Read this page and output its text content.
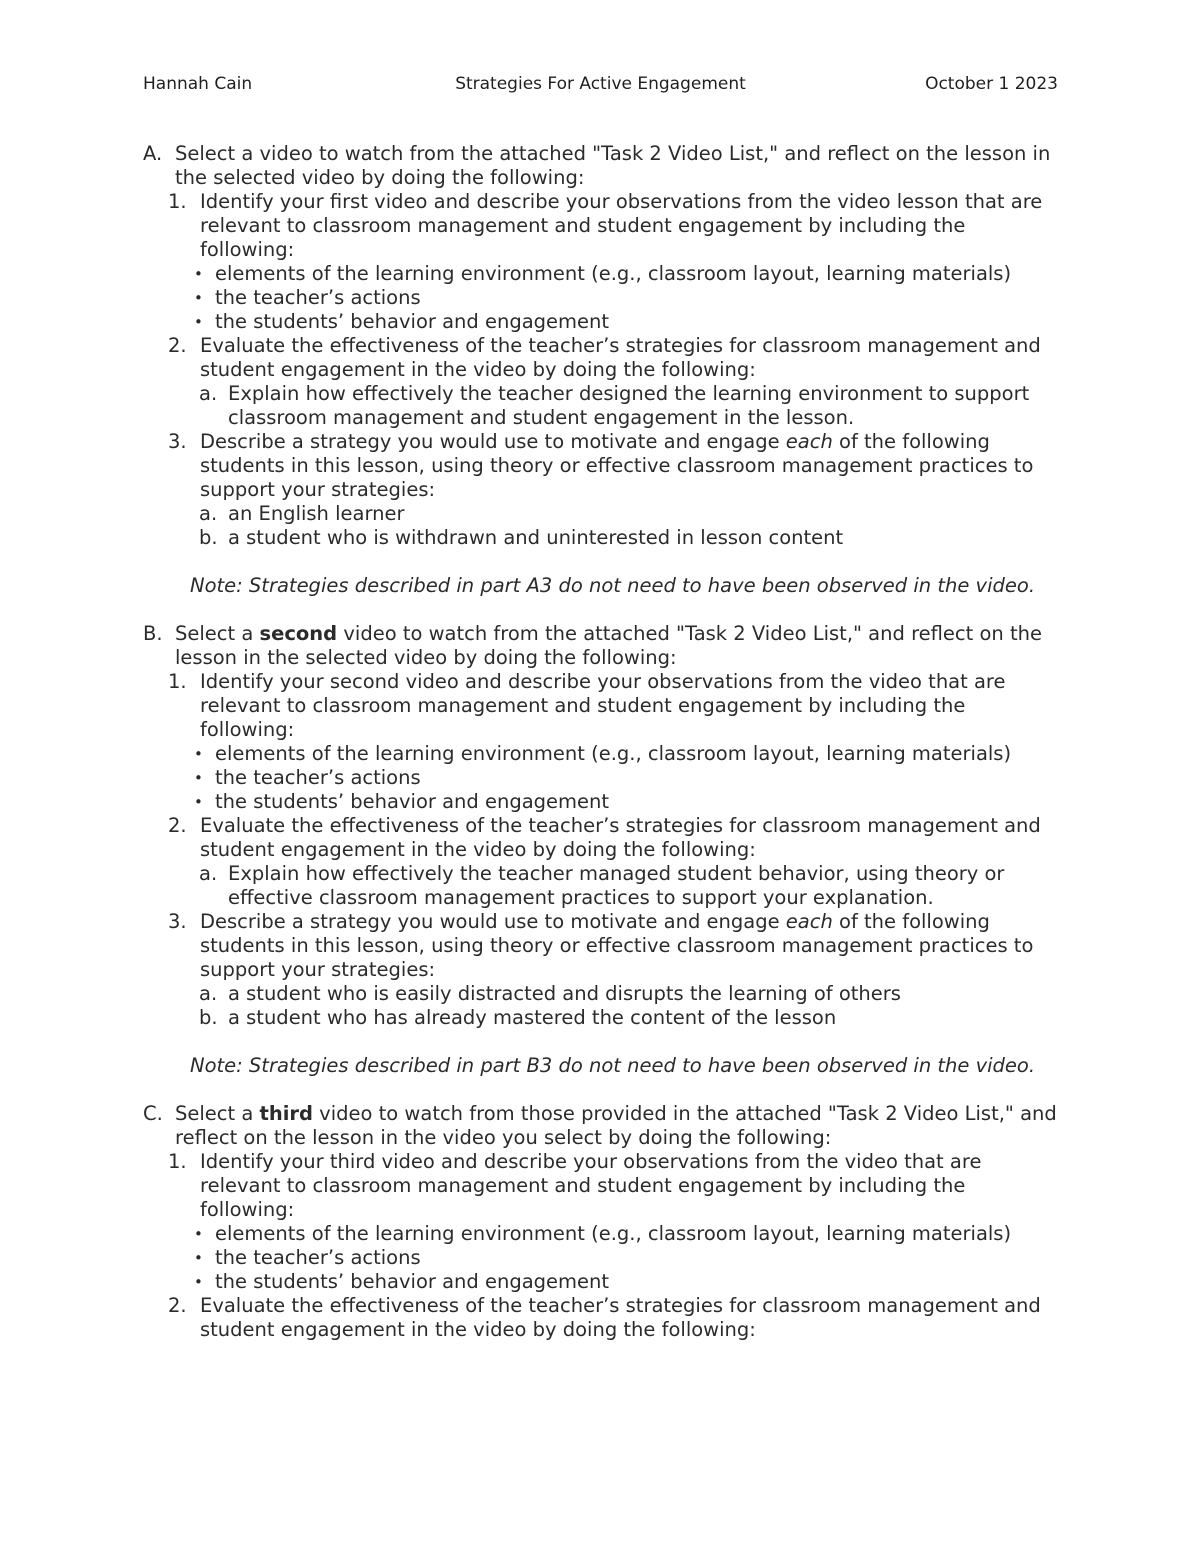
Hannah Cain	Strategies For Active Engagement	October 1 2023
A. Select a video to watch from the attached "Task 2 Video List," and reflect on the lesson in the selected video by doing the following:
1. Identify your first video and describe your observations from the video lesson that are relevant to classroom management and student engagement by including the following:
• elements of the learning environment (e.g., classroom layout, learning materials)
• the teacher’s actions
• the students’ behavior and engagement
2. Evaluate the effectiveness of the teacher’s strategies for classroom management and student engagement in the video by doing the following:
a. Explain how effectively the teacher designed the learning environment to support classroom management and student engagement in the lesson.
3. Describe a strategy you would use to motivate and engage each of the following students in this lesson, using theory or effective classroom management practices to support your strategies:
a. an English learner
b. a student who is withdrawn and uninterested in lesson content
Note: Strategies described in part A3 do not need to have been observed in the video.
B. Select a second video to watch from the attached "Task 2 Video List," and reflect on the lesson in the selected video by doing the following:
1. Identify your second video and describe your observations from the video that are relevant to classroom management and student engagement by including the following:
• elements of the learning environment (e.g., classroom layout, learning materials)
• the teacher’s actions
• the students’ behavior and engagement
2. Evaluate the effectiveness of the teacher’s strategies for classroom management and student engagement in the video by doing the following:
a. Explain how effectively the teacher managed student behavior, using theory or effective classroom management practices to support your explanation.
3. Describe a strategy you would use to motivate and engage each of the following students in this lesson, using theory or effective classroom management practices to support your strategies:
a. a student who is easily distracted and disrupts the learning of others
b. a student who has already mastered the content of the lesson
Note: Strategies described in part B3 do not need to have been observed in the video.
C. Select a third video to watch from those provided in the attached "Task 2 Video List," and reflect on the lesson in the video you select by doing the following:
1. Identify your third video and describe your observations from the video that are relevant to classroom management and student engagement by including the following:
• elements of the learning environment (e.g., classroom layout, learning materials)
• the teacher’s actions
• the students’ behavior and engagement
2. Evaluate the effectiveness of the teacher’s strategies for classroom management and student engagement in the video by doing the following:
